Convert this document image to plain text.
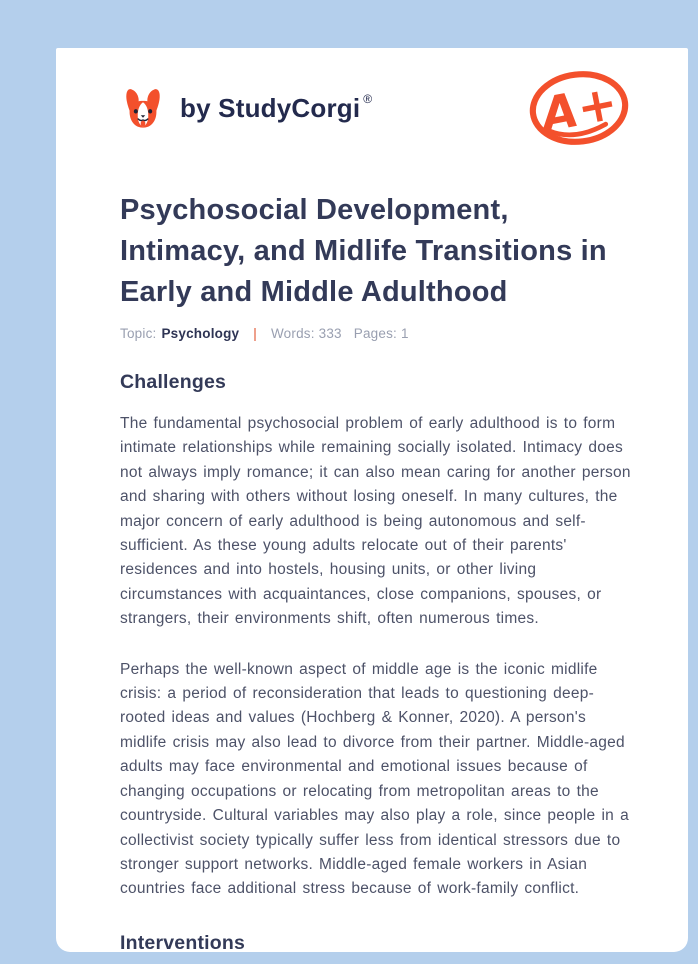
by StudyCorgi ®	A+
Psychosocial Development, Intimacy, and Midlife Transitions in Early and Middle Adulthood
Topic: Psychology | Words: 333 Pages: 1
Challenges

The fundamental psychosocial problem of early adulthood is to form intimate relationships while remaining socially isolated. Intimacy does not always imply romance; it can also mean caring for another person and sharing with others without losing oneself. In many cultures, the major concern of early adulthood is being autonomous and self-sufficient. As these young adults relocate out of their parents' residences and into hostels, housing units, or other living circumstances with acquaintances, close companions, spouses, or strangers, their environments shift, often numerous times.

Perhaps the well-known aspect of middle age is the iconic midlife crisis: a period of reconsideration that leads to questioning deep-rooted ideas and values (Hochberg & Konner, 2020). A person's midlife crisis may also lead to divorce from their partner. Middle-aged adults may face environmental and emotional issues because of changing occupations or relocating from metropolitan areas to the countryside. Cultural variables may also play a role, since people in a collectivist society typically suffer less from identical stressors due to stronger support networks. Middle-aged female workers in Asian countries face additional stress because of work-family conflict.

Interventions
